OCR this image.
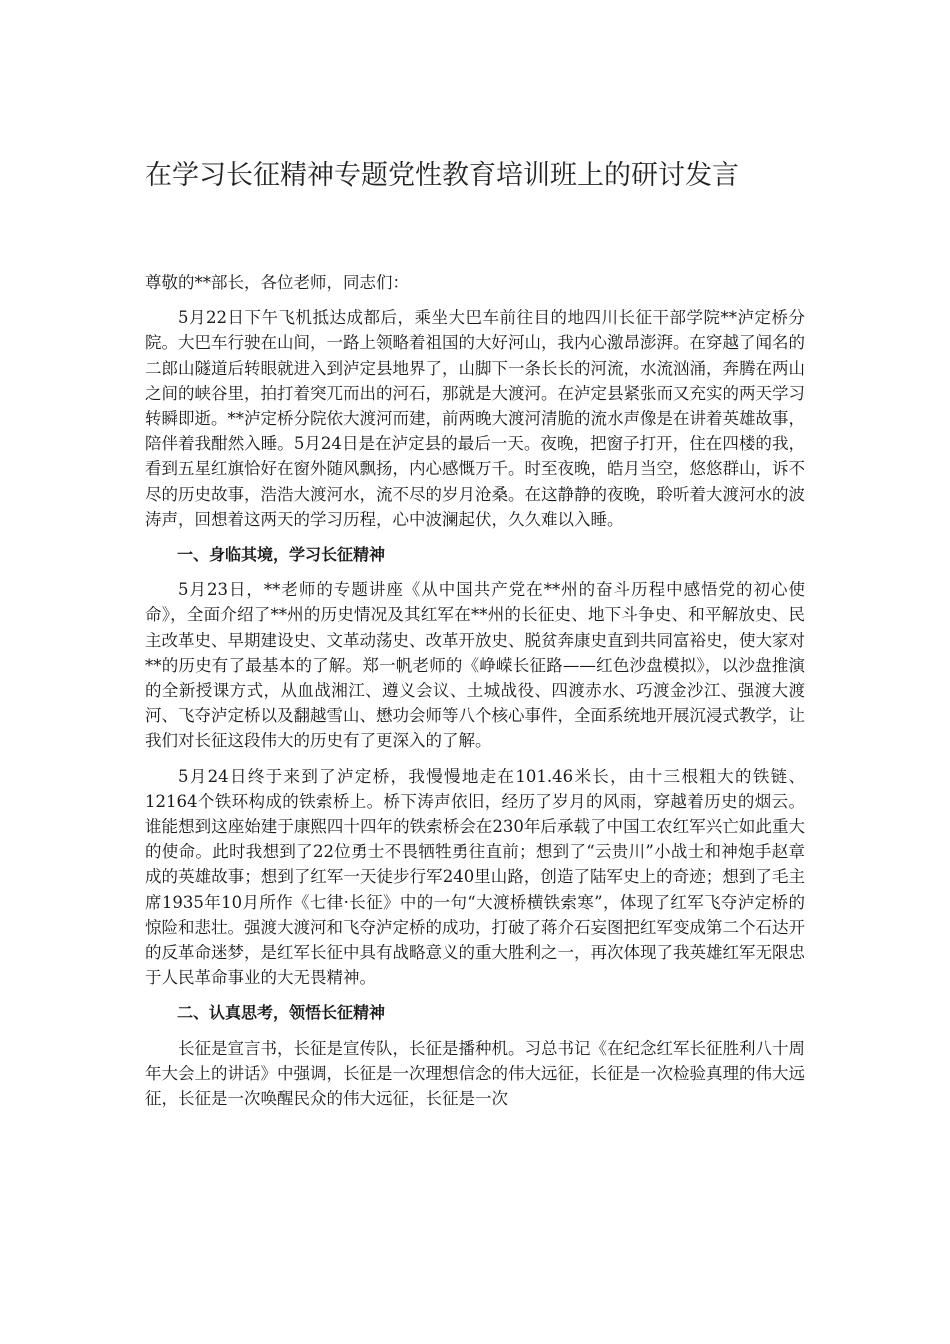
在学习长征精神专题党性教育培训班上的研讨发言

尊敬的**部长，各位老师，同志们：

5月22日下午飞机抵达成都后，乘坐大巴车前往目的地四川长征干部学院**泸定桥分院。大巴车行驶在山间，一路上领略着祖国的大好河山，我内心激昂澎湃。在穿越了闻名的二郎山隧道后转眼就进入到泸定县地界了，山脚下一条长长的河流，水流汹涌，奔腾在两山之间的峡谷里，拍打着突兀而出的河石，那就是大渡河。在泸定县紧张而又充实的两天学习转瞬即逝。**泸定桥分院依大渡河而建，前两晚大渡河清脆的流水声像是在讲着英雄故事，陪伴着我酣然入睡。5月24日是在泸定县的最后一天。夜晚，把窗子打开，住在四楼的我，看到五星红旗恰好在窗外随风飘扬，内心感慨万千。时至夜晚，皓月当空，悠悠群山，诉不尽的历史故事，浩浩大渡河水，流不尽的岁月沧桑。在这静静的夜晚，聆听着大渡河水的波涛声，回想着这两天的学习历程，心中波澜起伏，久久难以入睡。

一、身临其境，学习长征精神

5月23日，**老师的专题讲座《从中国共产党在**州的奋斗历程中感悟党的初心使命》，全面介绍了**州的历史情况及其红军在**州的长征史、地下斗争史、和平解放史、民主改革史、早期建设史、文革动荡史、改革开放史、脱贫奔康史直到共同富裕史，使大家对**的历史有了最基本的了解。郑一帆老师的《峥嵘长征路——红色沙盘模拟》，以沙盘推演的全新授课方式，从血战湘江、遵义会议、土城战役、四渡赤水、巧渡金沙江、强渡大渡河、飞夺泸定桥以及翻越雪山、懋功会师等八个核心事件，全面系统地开展沉浸式教学，让我们对长征这段伟大的历史有了更深入的了解。

5月24日终于来到了泸定桥，我慢慢地走在101.46米长，由十三根粗大的铁链、12164个铁环构成的铁索桥上。桥下涛声依旧，经历了岁月的风雨，穿越着历史的烟云。谁能想到这座始建于康熙四十四年的铁索桥会在230年后承载了中国工农红军兴亡如此重大的使命。此时我想到了22位勇士不畏牺牲勇往直前；想到了“云贵川”小战士和神炮手赵章成的英雄故事；想到了红军一天徒步行军240里山路，创造了陆军史上的奇迹；想到了毛主席1935年10月所作《七律·长征》中的一句“大渡桥横铁索寒”，体现了红军飞夺泸定桥的惊险和悲壮。强渡大渡河和飞夺泸定桥的成功，打破了蒋介石妄图把红军变成第二个石达开的反革命迷梦，是红军长征中具有战略意义的重大胜利之一，再次体现了我英雄红军无限忠于人民革命事业的大无畏精神。

二、认真思考，领悟长征精神

长征是宣言书，长征是宣传队，长征是播种机。习总书记《在纪念红军长征胜利八十周年大会上的讲话》中强调，长征是一次理想信念的伟大远征，长征是一次检验真理的伟大远征，长征是一次唤醒民众的伟大远征，长征是一次
